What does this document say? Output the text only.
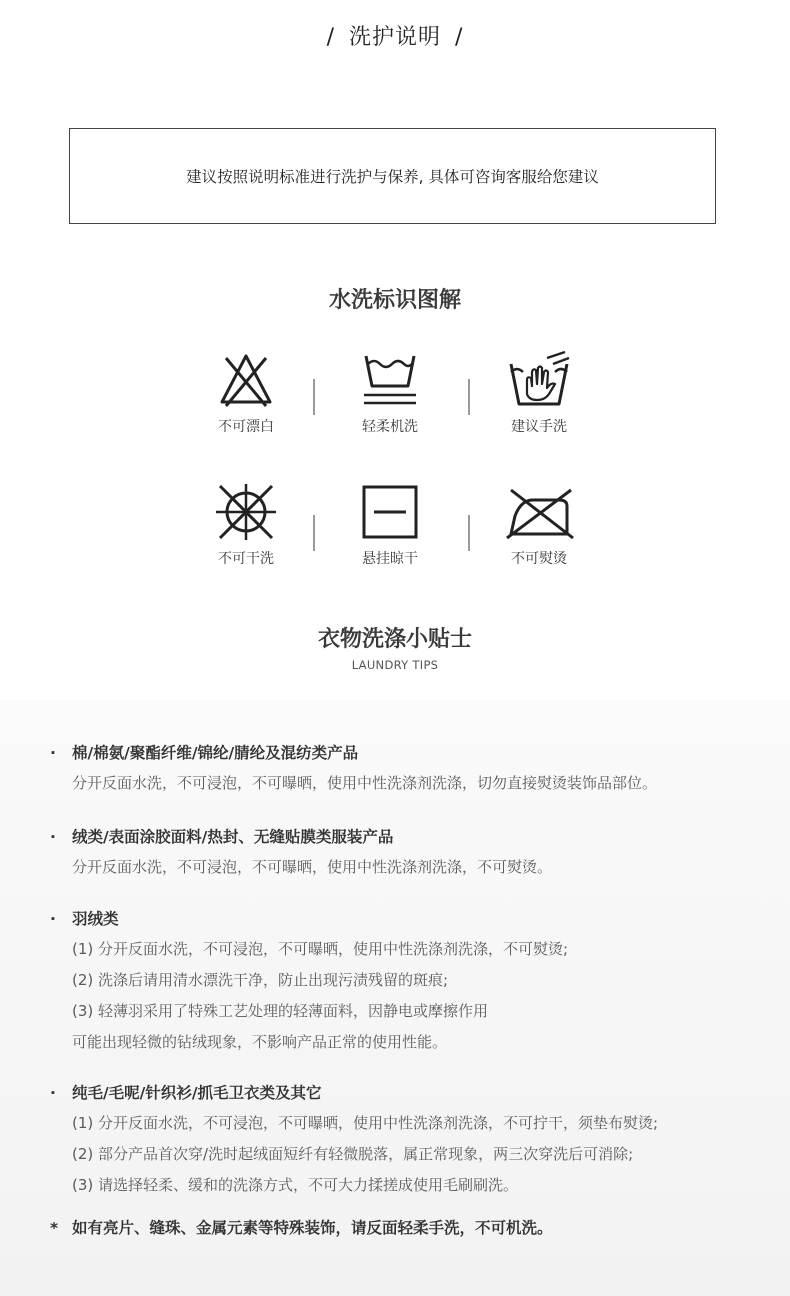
/ 洗护说明 /
建议按照说明标准进行洗护与保养, 具体可咨询客服给您建议
水洗标识图解
不可漂白	轻柔机洗	建议手洗
不可干洗	悬挂晾干	不可熨烫
衣物洗涤小贴士
LAUNDRY TIPS
· 棉/棉氨/聚酯纤维/锦纶/腈纶及混纺类产品
分开反面水洗，不可浸泡，不可曝晒，使用中性洗涤剂洗涤，切勿直接熨烫装饰品部位。
· 绒类/表面涂胶面料/热封、无缝贴膜类服装产品
分开反面水洗，不可浸泡，不可曝晒，使用中性洗涤剂洗涤，不可熨烫。
· 羽绒类
(1) 分开反面水洗，不可浸泡，不可曝晒，使用中性洗涤剂洗涤，不可熨烫;
(2) 洗涤后请用清水漂洗干净，防止出现污渍残留的斑痕;
(3) 轻薄羽采用了特殊工艺处理的轻薄面料，因静电或摩擦作用
可能出现轻微的钻绒现象，不影响产品正常的使用性能。
· 纯毛/毛呢/针织衫/抓毛卫衣类及其它
(1) 分开反面水洗，不可浸泡，不可曝晒，使用中性洗涤剂洗涤，不可拧干，须垫布熨烫;
(2) 部分产品首次穿/洗时起绒面短纤有轻微脱落，属正常现象，两三次穿洗后可消除;
(3) 请选择轻柔、缓和的洗涤方式，不可大力揉搓成使用毛刷刷洗。
* 如有亮片、缝珠、金属元素等特殊装饰，请反面轻柔手洗，不可机洗。
